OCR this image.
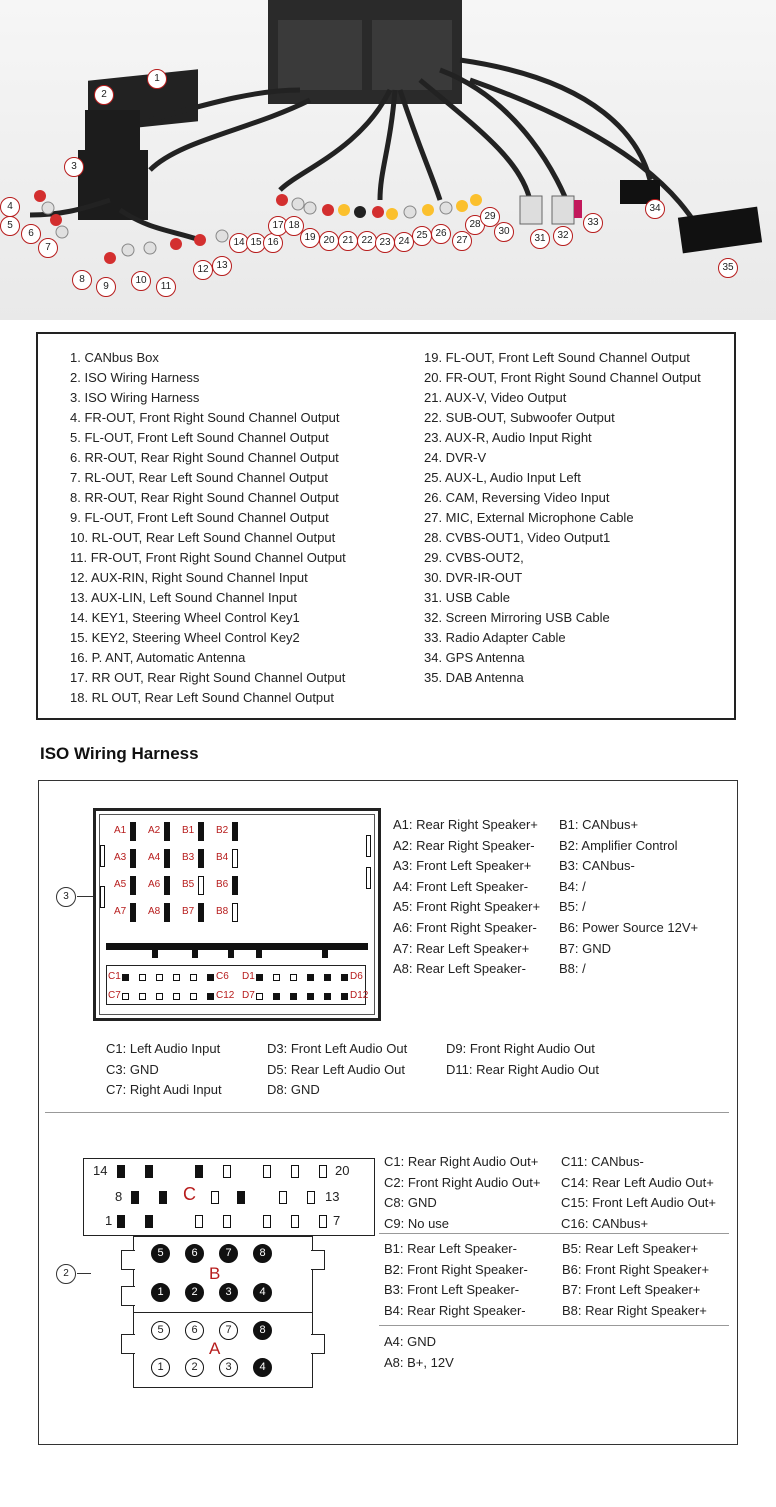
1
2
3
4
5
6
7
8
9
10
11
12 13
14 15 16
17 18
19 20 21 22 23 24
25 26
27
28
29
30
31	32
33
34
35
1. CANbus Box
2. ISO Wiring Harness
3. ISO Wiring Harness
4. FR-OUT, Front Right Sound Channel Output
5. FL-OUT, Front Left Sound Channel Output
6. RR-OUT, Rear Right Sound Channel Output
7. RL-OUT, Rear Left Sound Channel Output
8. RR-OUT, Rear Right Sound Channel Output
9. FL-OUT, Front Left Sound Channel Output
10. RL-OUT, Rear Left Sound Channel Output
11. FR-OUT, Front Right Sound Channel Output
12. AUX-RIN, Right Sound Channel Input
13. AUX-LIN, Left Sound Channel Input
14. KEY1, Steering Wheel Control Key1
15. KEY2, Steering Wheel Control Key2
16. P. ANT, Automatic Antenna
17. RR OUT, Rear Right Sound Channel Output
18. RL OUT, Rear Left Sound Channel Output
19. FL-OUT, Front Left Sound Channel Output
20. FR-OUT, Front Right Sound Channel Output
21. AUX-V, Video Output
22. SUB-OUT, Subwoofer Output
23. AUX-R, Audio Input Right
24. DVR-V
25. AUX-L, Audio Input Left
26. CAM, Reversing Video Input
27. MIC, External Microphone Cable
28. CVBS-OUT1, Video Output1
29. CVBS-OUT2,
30. DVR-IR-OUT
31. USB Cable
32. Screen Mirroring USB Cable
33. Radio Adapter Cable
34. GPS Antenna
35. DAB Antenna
ISO Wiring Harness
3
A1 A2 B1 B2
A3 A4 B3 B4
A5 A6 B5 B6
A7 A8 B7 B8
C1	C6 D1	D6
C7	C12 D7	D12
2
14	20
8	13
1	7
C
B
A
5	6	7	8
1	2	3	4
5	6	7	8
1	2	3	4
A1: Rear Right Speaker+
A2: Rear Right Speaker-
A3: Front Left Speaker+
A4: Front Left Speaker-
A5: Front Right Speaker+
A6: Front Right Speaker-
A7: Rear Left Speaker+
A8: Rear Left Speaker-
B1: CANbus+
B2: Amplifier Control
B3: CANbus-
B4: /
B5: /
B6: Power Source 12V+
B7: GND
B8: /
C1: Left Audio Input
C3: GND
C7: Right Audi Input
D3: Front Left Audio Out
D5: Rear Left Audio Out
D8: GND
D9: Front Right Audio Out
D11: Rear Right Audio Out
C1: Rear Right Audio Out+
C2: Front Right Audio Out+
C8: GND
C9: No use
C11: CANbus-
C14: Rear Left Audio Out+
C15: Front Left Audio Out+
C16: CANbus+
B1: Rear Left Speaker-
B2: Front Right Speaker-
B3: Front Left Speaker-
B4: Rear Right Speaker-
B5: Rear Left Speaker+
B6: Front Right Speaker+
B7: Front Left Speaker+
B8: Rear Right Speaker+
A4: GND
A8: B+, 12V
